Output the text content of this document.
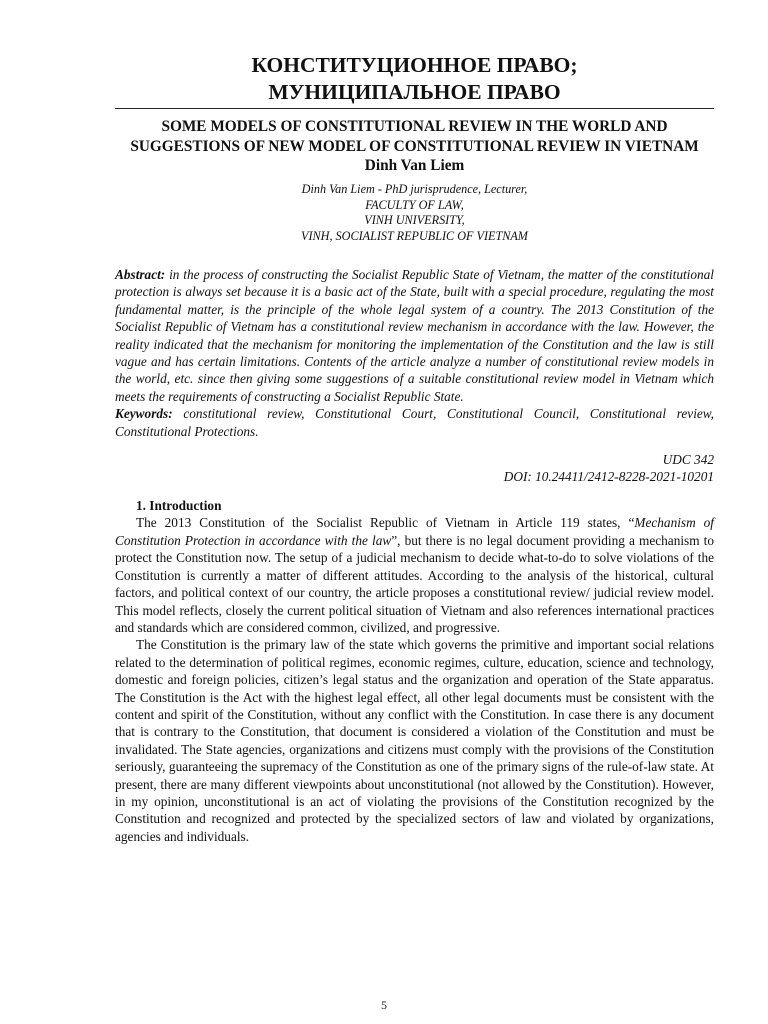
КОНСТИТУЦИОННОЕ ПРАВО;
МУНИЦИПАЛЬНОЕ ПРАВО
SOME MODELS OF CONSTITUTIONAL REVIEW IN THE WORLD AND SUGGESTIONS OF NEW MODEL OF CONSTITUTIONAL REVIEW IN VIETNAM
Dinh Van Liem

Dinh Van Liem - PhD jurisprudence, Lecturer,

FACULTY OF LAW,

VINH UNIVERSITY,

VINH, SOCIALIST REPUBLIC OF VIETNAM

Abstract: in the process of constructing the Socialist Republic State of Vietnam, the matter of the constitutional protection is always set because it is a basic act of the State, built with a special procedure, regulating the most fundamental matter, is the principle of the whole legal system of a country. The 2013 Constitution of the Socialist Republic of Vietnam has a constitutional review mechanism in accordance with the law. However, the reality indicated that the mechanism for monitoring the implementation of the Constitution and the law is still vague and has certain limitations. Contents of the article analyze a number of constitutional review models in the world, etc. since then giving some suggestions of a suitable constitutional review model in Vietnam which meets the requirements of constructing a Socialist Republic State.

Keywords: constitutional review, Constitutional Court, Constitutional Council, Constitutional review, Constitutional Protections.

UDC 342
DOI: 10.24411/2412-8228-2021-10201
1. Introduction

The 2013 Constitution of the Socialist Republic of Vietnam in Article 119 states, “Mechanism of Constitution Protection in accordance with the law”, but there is no legal document providing a mechanism to protect the Constitution now. The setup of a judicial mechanism to decide what-to-do to solve violations of the Constitution is currently a matter of different attitudes. According to the analysis of the historical, cultural factors, and political context of our country, the article proposes a constitutional review/ judicial review model. This model reflects, closely the current political situation of Vietnam and also references international practices and standards which are considered common, civilized, and progressive.

The Constitution is the primary law of the state which governs the primitive and important social relations related to the determination of political regimes, economic regimes, culture, education, science and technology, domestic and foreign policies, citizen’s legal status and the organization and operation of the State apparatus. The Constitution is the Act with the highest legal effect, all other legal documents must be consistent with the content and spirit of the Constitution, without any conflict with the Constitution. In case there is any document that is contrary to the Constitution, that document is considered a violation of the Constitution and must be invalidated. The State agencies, organizations and citizens must comply with the provisions of the Constitution seriously, guaranteeing the supremacy of the Constitution as one of the primary signs of the rule-of-law state. At present, there are many different viewpoints about unconstitutional (not allowed by the Constitution). However, in my opinion, unconstitutional is an act of violating the provisions of the Constitution recognized by the Constitution and recognized and protected by the specialized sectors of law and violated by organizations, agencies and individuals.

5
